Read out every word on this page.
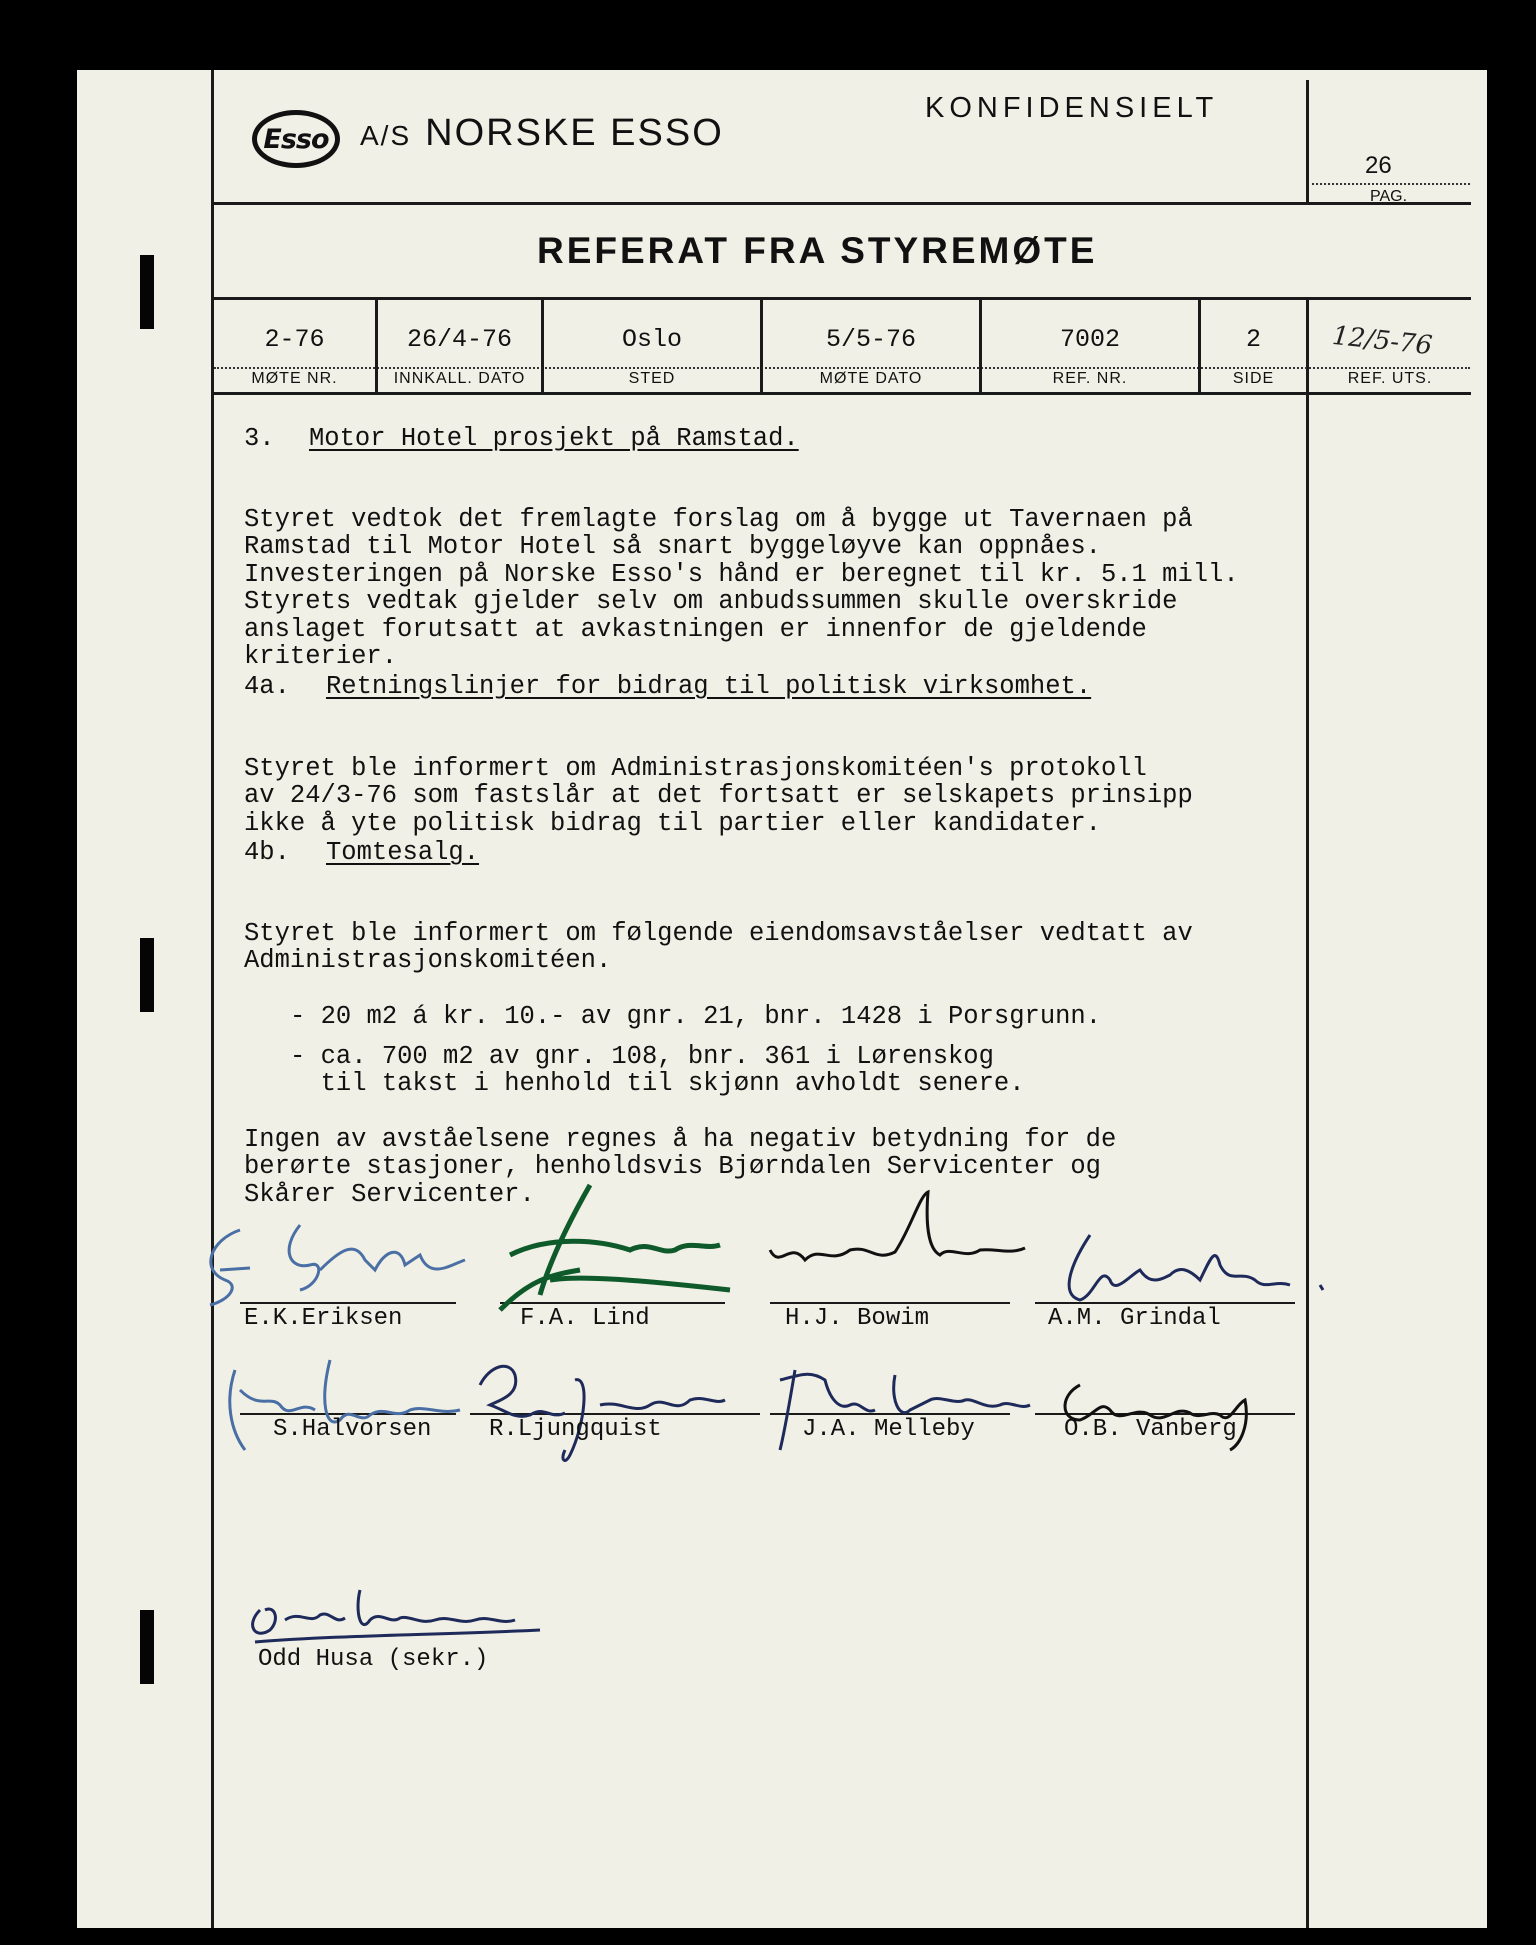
Esso A/S NORSKE ESSO
KONFIDENSIELT
26
PAG.
REFERAT FRA STYREMØTE
2-76
MØTE NR.
26/4-76
INNKALL. DATO
Oslo
STED
5/5-76
MØTE DATO
7002
REF. NR.
2
SIDE
12/5-76
REF. UTS.
3. Motor Hotel prosjekt på Ramstad.

Styret vedtok det fremlagte forslag om å bygge ut Tavernaen på
Ramstad til Motor Hotel så snart byggeløyve kan oppnåes.
Investeringen på Norske Esso's hånd er beregnet til kr. 5.1 mill.
Styrets vedtak gjelder selv om anbudssummen skulle overskride
anslaget forutsatt at avkastningen er innenfor de gjeldende
kriterier.

4a. Retningslinjer for bidrag til politisk virksomhet.

Styret ble informert om Administrasjonskomitéen's protokoll
av 24/3-76 som fastslår at det fortsatt er selskapets prinsipp
ikke å yte politisk bidrag til partier eller kandidater.

4b. Tomtesalg.

Styret ble informert om følgende eiendomsavståelser vedtatt av
Administrasjonskomitéen.

- 20 m2 á kr. 10.- av gnr. 21, bnr. 1428 i Porsgrunn.

- ca. 700 m2 av gnr. 108, bnr. 361 i Lørenskog
til takst i henhold til skjønn avholdt senere.

Ingen av avståelsene regnes å ha negativ betydning for de
berørte stasjoner, henholdsvis Bjørndalen Servicenter og
Skårer Servicenter.

E.K.Eriksen	F.A. Lind	H.J. Bowim	A.M. Grindal
S.Halvorsen R.Ljungquist	J.A. Melleby	O.B. Vanberg
Odd Husa (sekr.)
